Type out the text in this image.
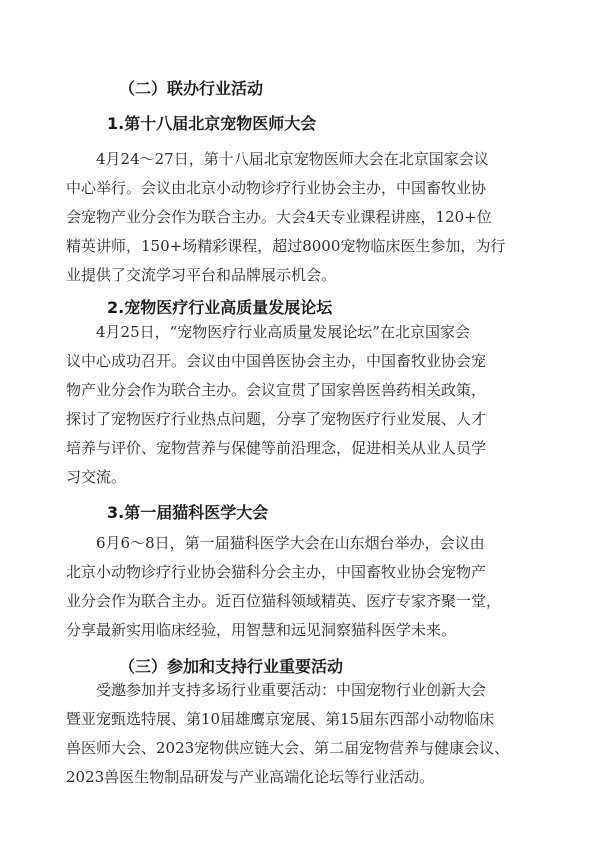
（二）联办行业活动
1.第十八届北京宠物医师大会

4月24～27日，第十八届北京宠物医师大会在北京国家会议
中心举行。会议由北京小动物诊疗行业协会主办，中国畜牧业协
会宠物产业分会作为联合主办。大会4天专业课程讲座，120+位
精英讲师，150+场精彩课程，超过8000宠物临床医生参加，为行
业提供了交流学习平台和品牌展示机会。

2.宠物医疗行业高质量发展论坛

4月25日，“宠物医疗行业高质量发展论坛”在北京国家会
议中心成功召开。会议由中国兽医协会主办，中国畜牧业协会宠
物产业分会作为联合主办。会议宣贯了国家兽医兽药相关政策，
探讨了宠物医疗行业热点问题，分享了宠物医疗行业发展、人才
培养与评价、宠物营养与保健等前沿理念，促进相关从业人员学
习交流。

3.第一届猫科医学大会

6月6～8日，第一届猫科医学大会在山东烟台举办，会议由
北京小动物诊疗行业协会猫科分会主办，中国畜牧业协会宠物产
业分会作为联合主办。近百位猫科领域精英、医疗专家齐聚一堂，
分享最新实用临床经验，用智慧和远见洞察猫科医学未来。

（三）参加和支持行业重要活动

受邀参加并支持多场行业重要活动：中国宠物行业创新大会
暨亚宠甄选特展、第10届雄鹰京宠展、第15届东西部小动物临床
兽医师大会、2023宠物供应链大会、第二届宠物营养与健康会议、
2023兽医生物制品研发与产业高端化论坛等行业活动。
